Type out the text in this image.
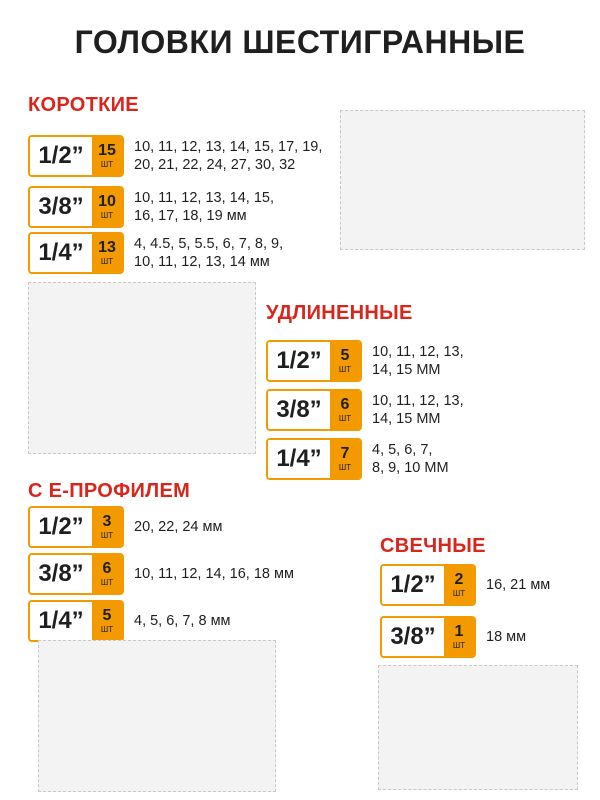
ГОЛОВКИ ШЕСТИГРАННЫЕ
КОРОТКИЕ
1/2” 15
ШТ
10, 11, 12, 13, 14, 15, 17, 19,
20, 21, 22, 24, 27, 30, 32
3/8” 10
ШТ
10, 11, 12, 13, 14, 15,
16, 17, 18, 19 мм
1/4” 13
ШТ
4, 4.5, 5, 5.5, 6, 7, 8, 9,
10, 11, 12, 13, 14 мм
УДЛИНЕННЫЕ
1/2”	5
ШТ
10, 11, 12, 13,
14, 15 MM
3/8”	6
ШТ
10, 11, 12, 13,
14, 15 MM
1/4”	7
ШТ
4, 5, 6, 7,
8, 9, 10 MM
С Е-ПРОФИЛЕМ
1/2”	3
ШТ
20, 22, 24 мм
3/8”	6
ШТ
10, 11, 12, 14, 16, 18 мм
1/4”	5
ШТ
4, 5, 6, 7, 8 мм
СВЕЧНЫЕ
1/2”	2
ШТ
16, 21 мм
3/8”	1
ШТ
18 мм
